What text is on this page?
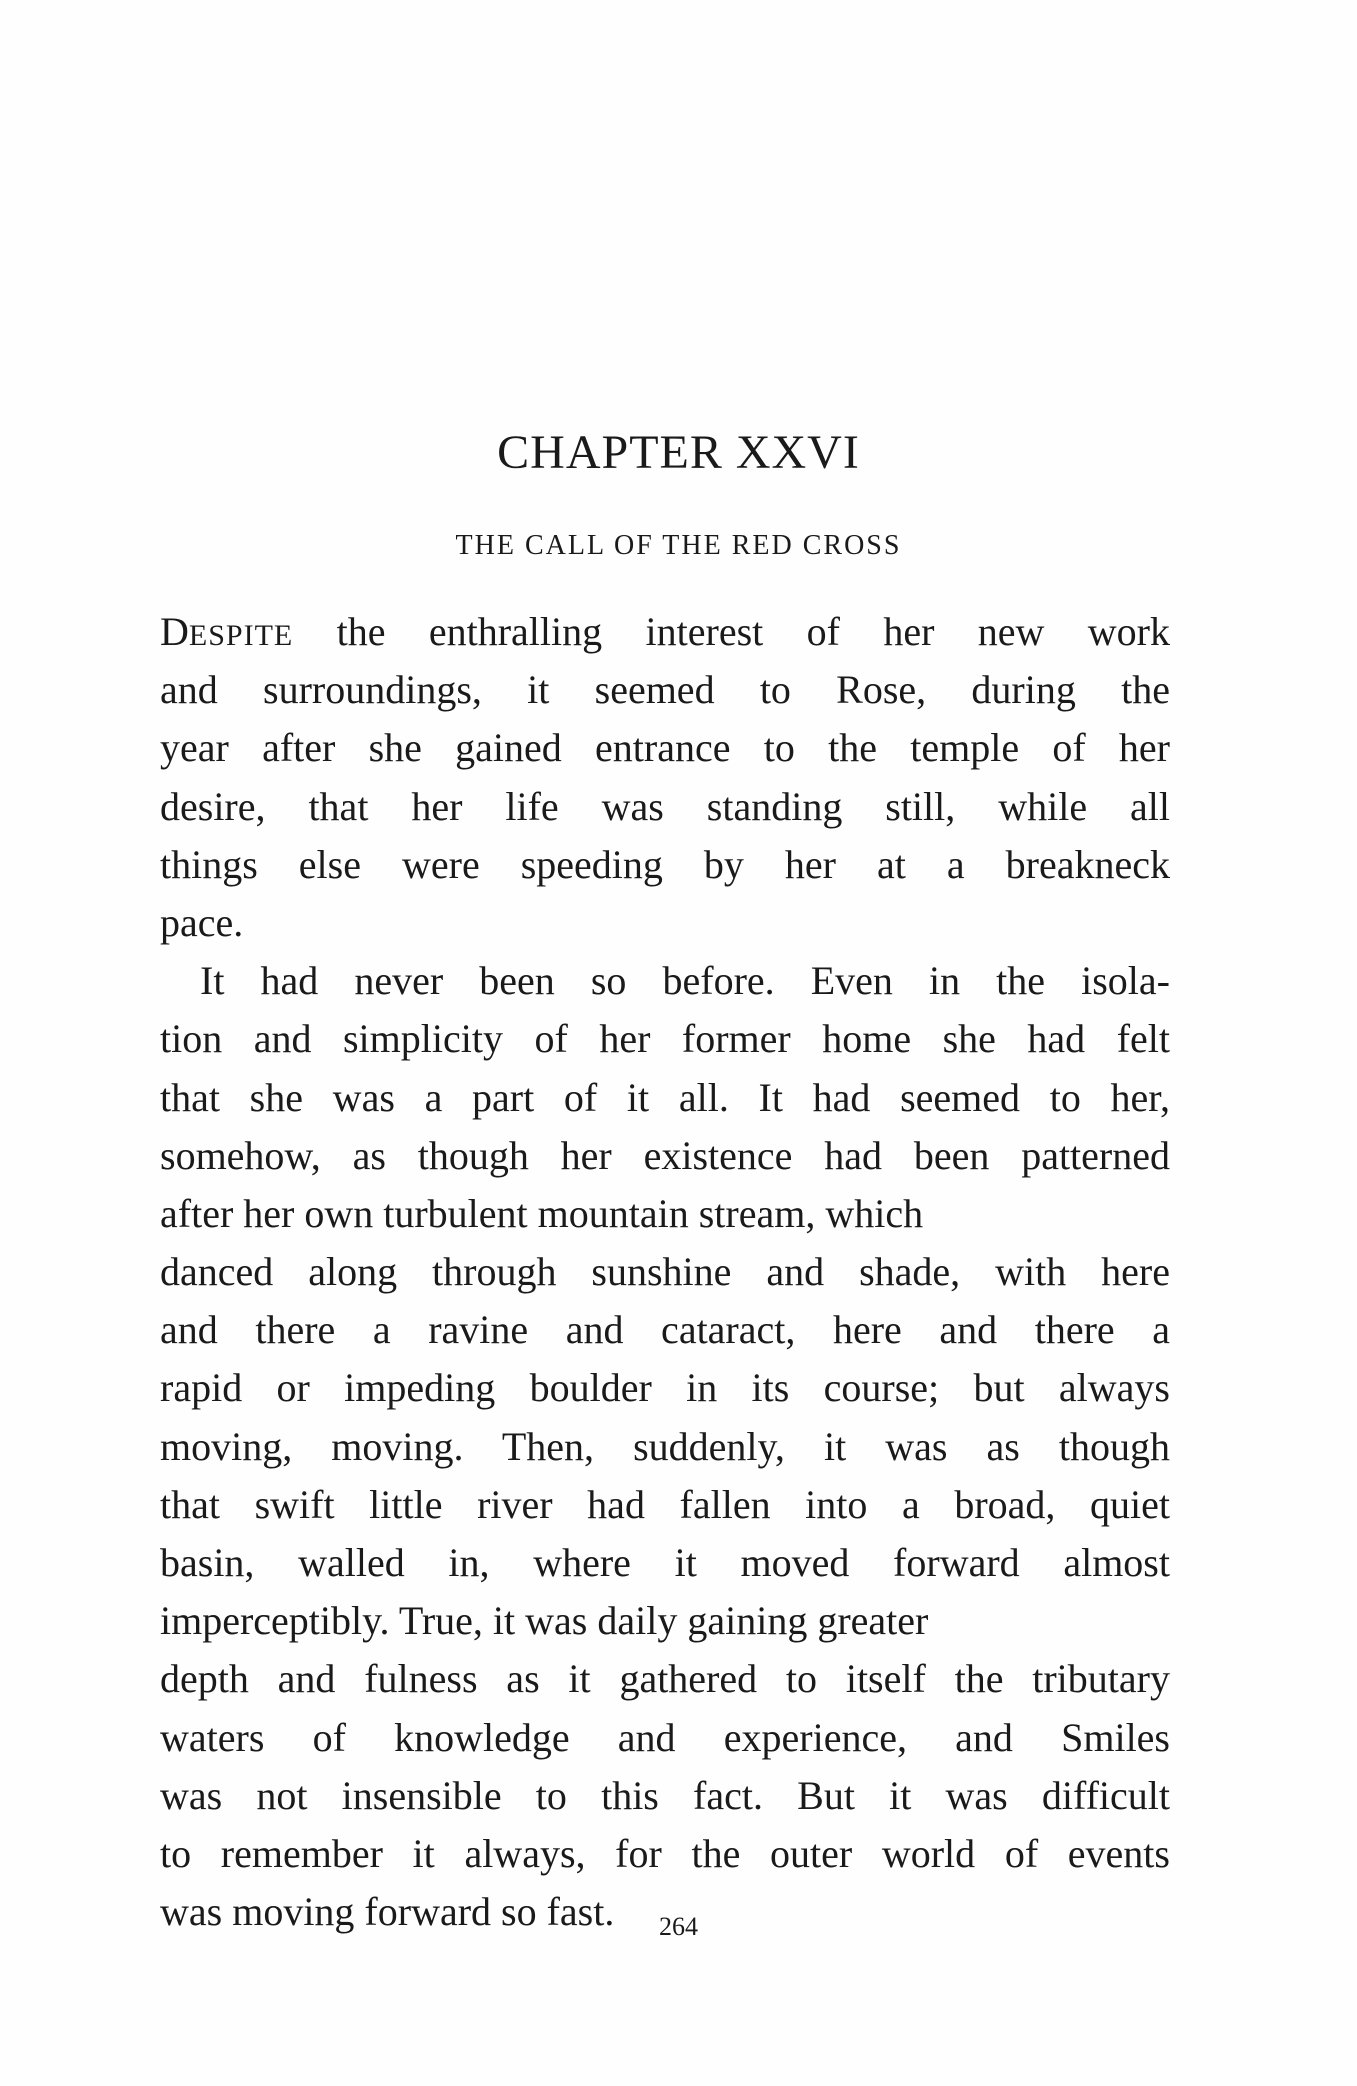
CHAPTER XXVI
THE CALL OF THE RED CROSS
DESPITE the enthralling interest of her new work
and surroundings, it seemed to Rose, during the
year after she gained entrance to the temple of her
desire, that her life was standing still, while all
things else were speeding by her at a breakneck
pace.
It had never been so before. Even in the isola-
tion and simplicity of her former home she had felt
that she was a part of it all. It had seemed to her,
somehow, as though her existence had been patterned
after her own turbulent mountain stream, which
danced along through sunshine and shade, with here
and there a ravine and cataract, here and there a
rapid or impeding boulder in its course; but always
moving, moving. Then, suddenly, it was as though
that swift little river had fallen into a broad, quiet
basin, walled in, where it moved forward almost
imperceptibly. True, it was daily gaining greater
depth and fulness as it gathered to itself the tributary
waters of knowledge and experience, and Smiles
was not insensible to this fact. But it was difficult
to remember it always, for the outer world of events
was moving forward so fast.	264
